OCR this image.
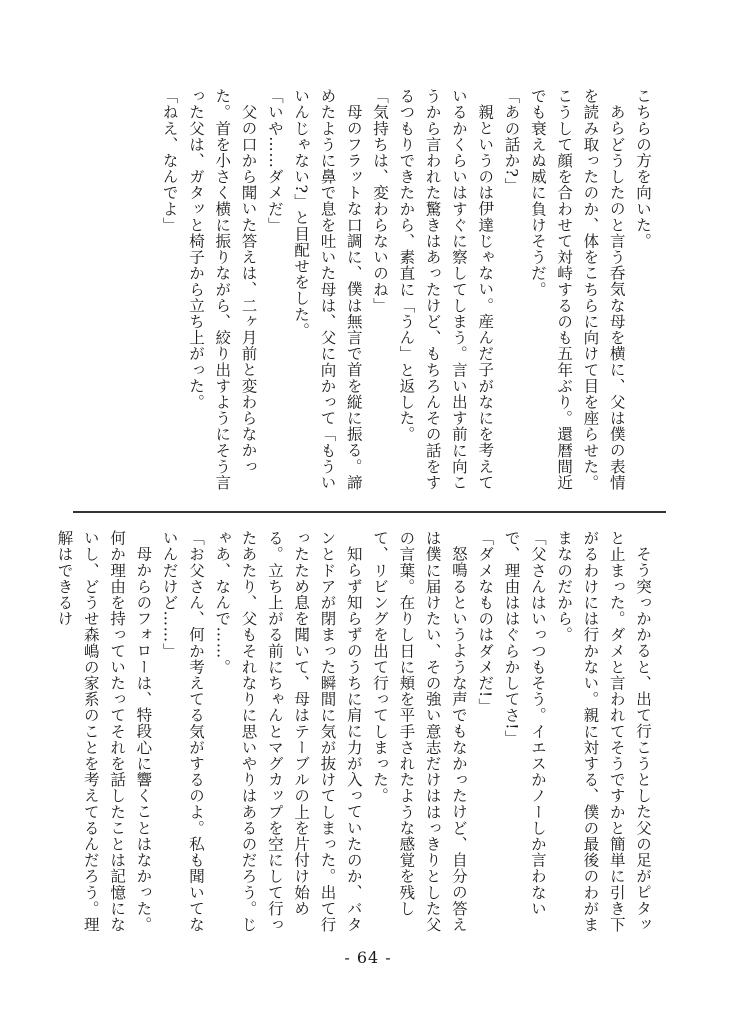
こちらの方を向いた。

あらどうしたのと言う呑気な母を横に、父は僕の表情を読み取ったのか、体をこちらに向けて目を座らせた。こうして顔を合わせて対峙するのも五年ぶり。還暦間近でも衰えぬ威に負けそうだ。

「あの話か?」

親というのは伊達じゃない。産んだ子がなにを考えているかくらいはすぐに察してしまう。言い出す前に向こうから言われた驚きはあったけど、もちろんその話をするつもりできたから、素直に「うん」と返した。

「気持ちは、変わらないのね」

母のフラットな口調に、僕は無言で首を縦に振る。諦めたように鼻で息を吐いた母は、父に向かって「もういいんじゃない?」と目配せをした。

「いや……ダメだ」

父の口から聞いた答えは、二ヶ月前と変わらなかった。首を小さく横に振りながら、絞り出すようにそう言った父は、ガタッと椅子から立ち上がった。

「ねえ、なんでよ」

そう突っかかると、出て行こうとした父の足がピタッと止まった。ダメと言われてそうですかと簡単に引き下がるわけには行かない。親に対する、僕の最後のわがままなのだから。

「父さんはいっつもそう。イエスかノーしか言わないで、理由ははぐらかしてさ!」

「ダメなものはダメだ!」

怒鳴るというような声でもなかったけど、自分の答えは僕に届けたい、その強い意志だけははっきりとした父の言葉。在りし日に頬を平手されたような感覚を残して、リビングを出て行ってしまった。

知らず知らずのうちに肩に力が入っていたのか、バタンとドアが閉まった瞬間に気が抜けてしまった。出て行ったため息を聞いて、母はテーブルの上を片付け始める。立ち上がる前にちゃんとマグカップを空にして行ったあたり、父もそれなりに思いやりはあるのだろう。じゃあ、なんで……。

「お父さん、何か考えてる気がするのよ。私も聞いてないんだけど……」

母からのフォローは、特段心に響くことはなかった。何か理由を持っていたってそれを話したことは記憶にないし、どうせ森嶋の家系のことを考えてるんだろう。理解はできるけ

- 64 -
